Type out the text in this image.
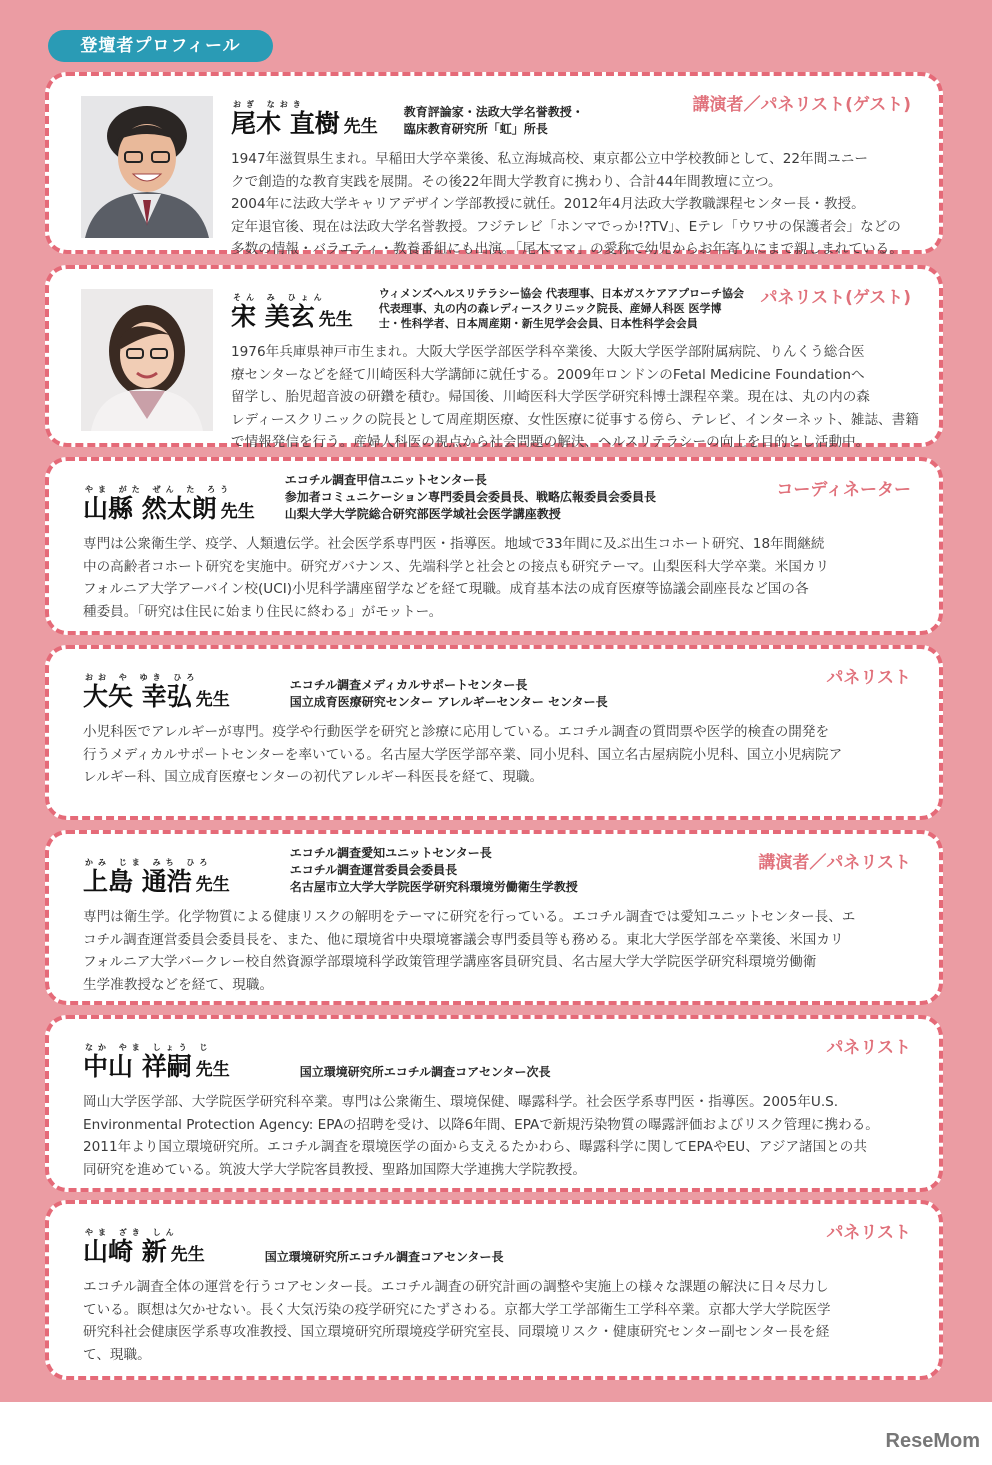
登壇者プロフィール
おぎ なおき
尾木 直樹 先生
教育評論家・法政大学名誉教授・
臨床教育研究所「虹」所長
講演者／パネリスト(ゲスト)
1947年滋賀県生まれ。早稲田大学卒業後、私立海城高校、東京都公立中学校教師として、22年間ユニー
クで創造的な教育実践を展開。その後22年間大学教育に携わり、合計44年間教壇に立つ。
2004年に法政大学キャリアデザイン学部教授に就任。2012年4月法政大学教職課程センター長・教授。
定年退官後、現在は法政大学名誉教授。フジテレビ「ホンマでっか!?TV」、Eテレ「ウワサの保護者会」などの
多数の情報・バラエティ・教養番組にも出演。「尾木ママ」の愛称で幼児からお年寄りにまで親しまれている。
そん み ひょん
宋 美玄 先生
ウィメンズヘルスリテラシー協会 代表理事、日本ガスケアアプローチ協会
代表理事、丸の内の森レディースクリニック院長、産婦人科医 医学博
士・性科学者、日本周産期・新生児学会会員、日本性科学会会員
パネリスト(ゲスト)
1976年兵庫県神戸市生まれ。大阪大学医学部医学科卒業後、大阪大学医学部附属病院、りんくう総合医
療センターなどを経て川崎医科大学講師に就任する。2009年ロンドンのFetal Medicine Foundationへ
留学し、胎児超音波の研鑽を積む。帰国後、川崎医科大学医学研究科博士課程卒業。現在は、丸の内の森
レディースクリニックの院長として周産期医療、女性医療に従事する傍ら、テレビ、インターネット、雑誌、書籍
で情報発信を行う。産婦人科医の視点から社会問題の解決、ヘルスリテラシーの向上を目的とし活動中。
やま がた ぜん た ろう
山縣 然太朗 先生
エコチル調査甲信ユニットセンター長
参加者コミュニケーション専門委員会委員長、戦略広報委員会委員長
山梨大学大学院総合研究部医学域社会医学講座教授
コーディネーター
専門は公衆衛生学、疫学、人類遺伝学。社会医学系専門医・指導医。地域で33年間に及ぶ出生コホート研究、18年間継続
中の高齢者コホート研究を実施中。研究ガバナンス、先端科学と社会との接点も研究テーマ。山梨医科大学卒業。米国カリ
フォルニア大学アーバイン校(UCI)小児科学講座留学などを経て現職。成育基本法の成育医療等協議会副座長など国の各
種委員。「研究は住民に始まり住民に終わる」がモットー。
おお や ゆき ひろ
大矢 幸弘 先生
エコチル調査メディカルサポートセンター長
国立成育医療研究センター アレルギーセンター センター長
パネリスト
小児科医でアレルギーが専門。疫学や行動医学を研究と診療に応用している。エコチル調査の質問票や医学的検査の開発を
行うメディカルサポートセンターを率いている。名古屋大学医学部卒業、同小児科、国立名古屋病院小児科、国立小児病院ア
レルギー科、国立成育医療センターの初代アレルギー科医長を経て、現職。
かみ じま みち ひろ
上島 通浩 先生
エコチル調査愛知ユニットセンター長
エコチル調査運営委員会委員長
名古屋市立大学大学院医学研究科環境労働衛生学教授
講演者／パネリスト
専門は衛生学。化学物質による健康リスクの解明をテーマに研究を行っている。エコチル調査では愛知ユニットセンター長、エ
コチル調査運営委員会委員長を、また、他に環境省中央環境審議会専門委員等も務める。東北大学医学部を卒業後、米国カリ
フォルニア大学バークレー校自然資源学部環境科学政策管理学講座客員研究員、名古屋大学大学院医学研究科環境労働衛
生学准教授などを経て、現職。
なか やま しょう じ
中山 祥嗣 先生	国立環境研究所エコチル調査コアセンター次長
パネリスト
岡山大学医学部、大学院医学研究科卒業。専門は公衆衛生、環境保健、曝露科学。社会医学系専門医・指導医。2005年U.S.
Environmental Protection Agency: EPAの招聘を受け、以降6年間、EPAで新規汚染物質の曝露評価およびリスク管理に携わる。
2011年より国立環境研究所。エコチル調査を環境医学の面から支えるたかわら、曝露科学に関してEPAやEU、アジア諸国との共
同研究を進めている。筑波大学大学院客員教授、聖路加国際大学連携大学院教授。
やま ざき しん
山崎 新 先生	国立環境研究所エコチル調査コアセンター長
パネリスト
エコチル調査全体の運営を行うコアセンター長。エコチル調査の研究計画の調整や実施上の様々な課題の解決に日々尽力し
ている。瞑想は欠かせない。長く大気汚染の疫学研究にたずさわる。京都大学工学部衛生工学科卒業。京都大学大学院医学
研究科社会健康医学系専攻准教授、国立環境研究所環境疫学研究室長、同環境リスク・健康研究センター副センター長を経
て、現職。
ReseMom
